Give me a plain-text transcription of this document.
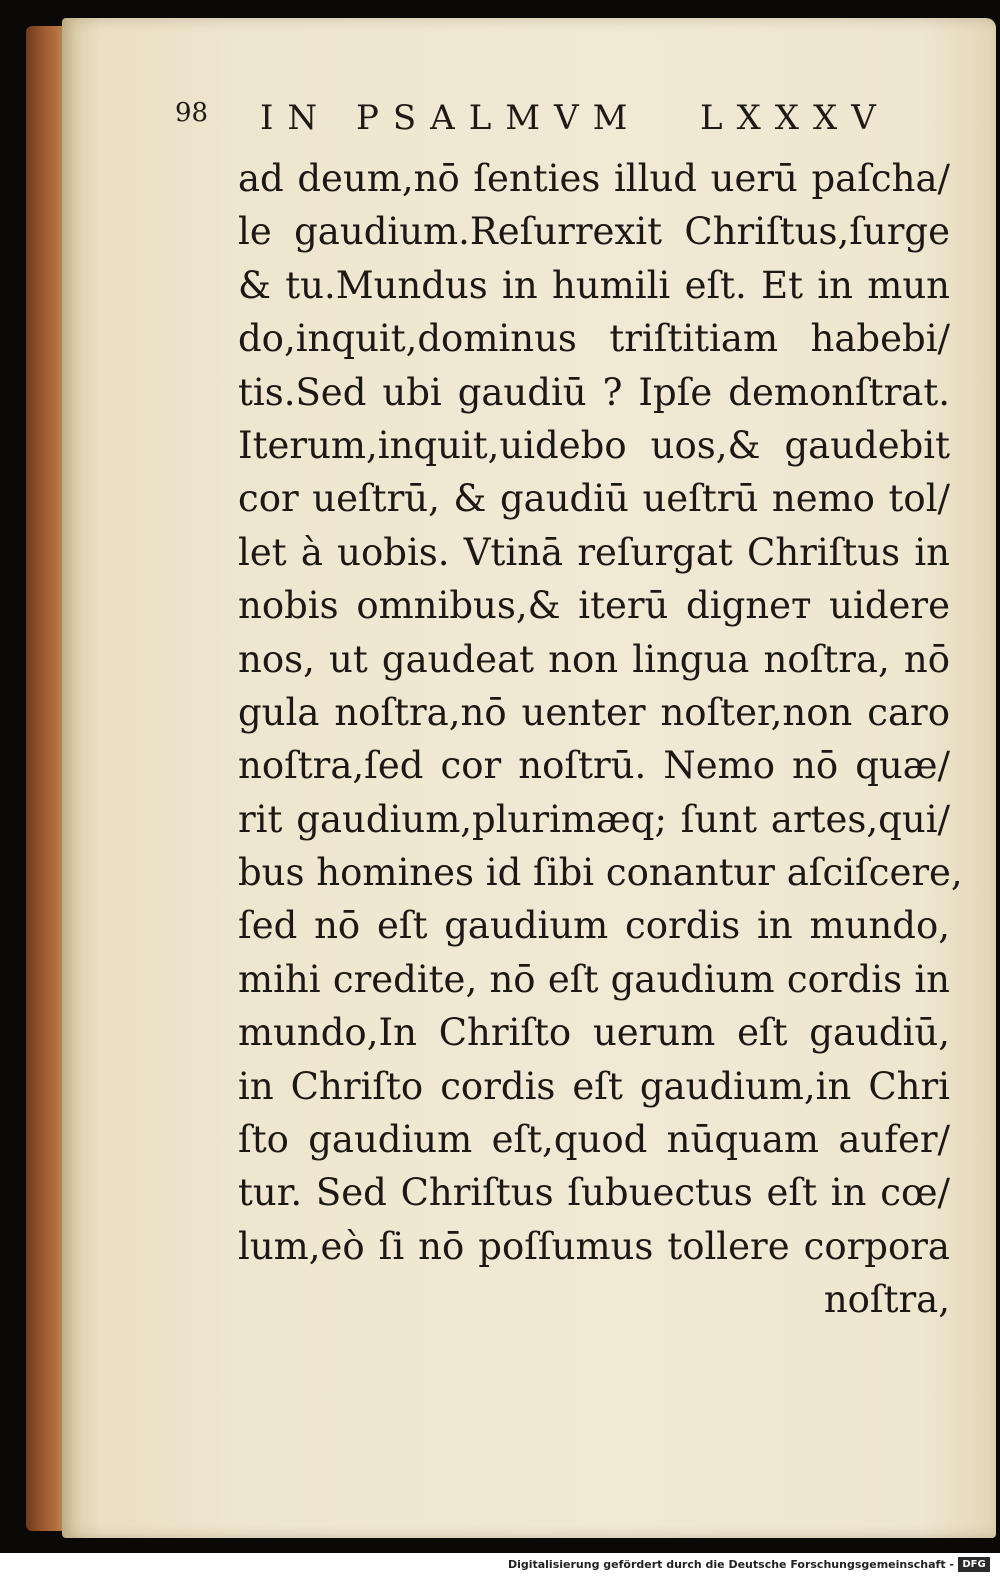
98 IN PSALMVM LXXXV
ad deum,nō ſenties illud uerū paſcha/
le gaudium.Reſurrexit Chriſtus,ſurge
& tu.Mundus in humili eſt. Et in mun
do,inquit,dominus triſtitiam habebi/
tis.Sed ubi gaudiū ? Ipſe demonſtrat.
Iterum,inquit,uidebo uos,& gaudebit
cor ueſtrū, & gaudiū ueſtrū nemo tol/
let à uobis. Vtinā reſurgat Chriſtus in
nobis omnibus,& iterū digneт uidere
nos, ut gaudeat non lingua noſtra, nō
gula noſtra,nō uenter noſter,non caro
noſtra,ſed cor noſtrū. Nemo nō quæ/
rit gaudium,plurimæq; ſunt artes,qui/
bus homines id ſibi conantur aſciſcere,
ſed nō eſt gaudium cordis in mundo,
mihi credite, nō eſt gaudium cordis in
mundo,In Chriſto uerum eſt gaudiū,
in Chriſto cordis eſt gaudium,in Chri
ſto gaudium eſt,quod nūquam aufer/
tur. Sed Chriſtus ſubuectus eſt in cœ/
lum,eò ſi nō poſſumus tollere corpora
noſtra,
Digitalisierung gefördert durch die Deutsche Forschungsgemeinschaft - DFG
